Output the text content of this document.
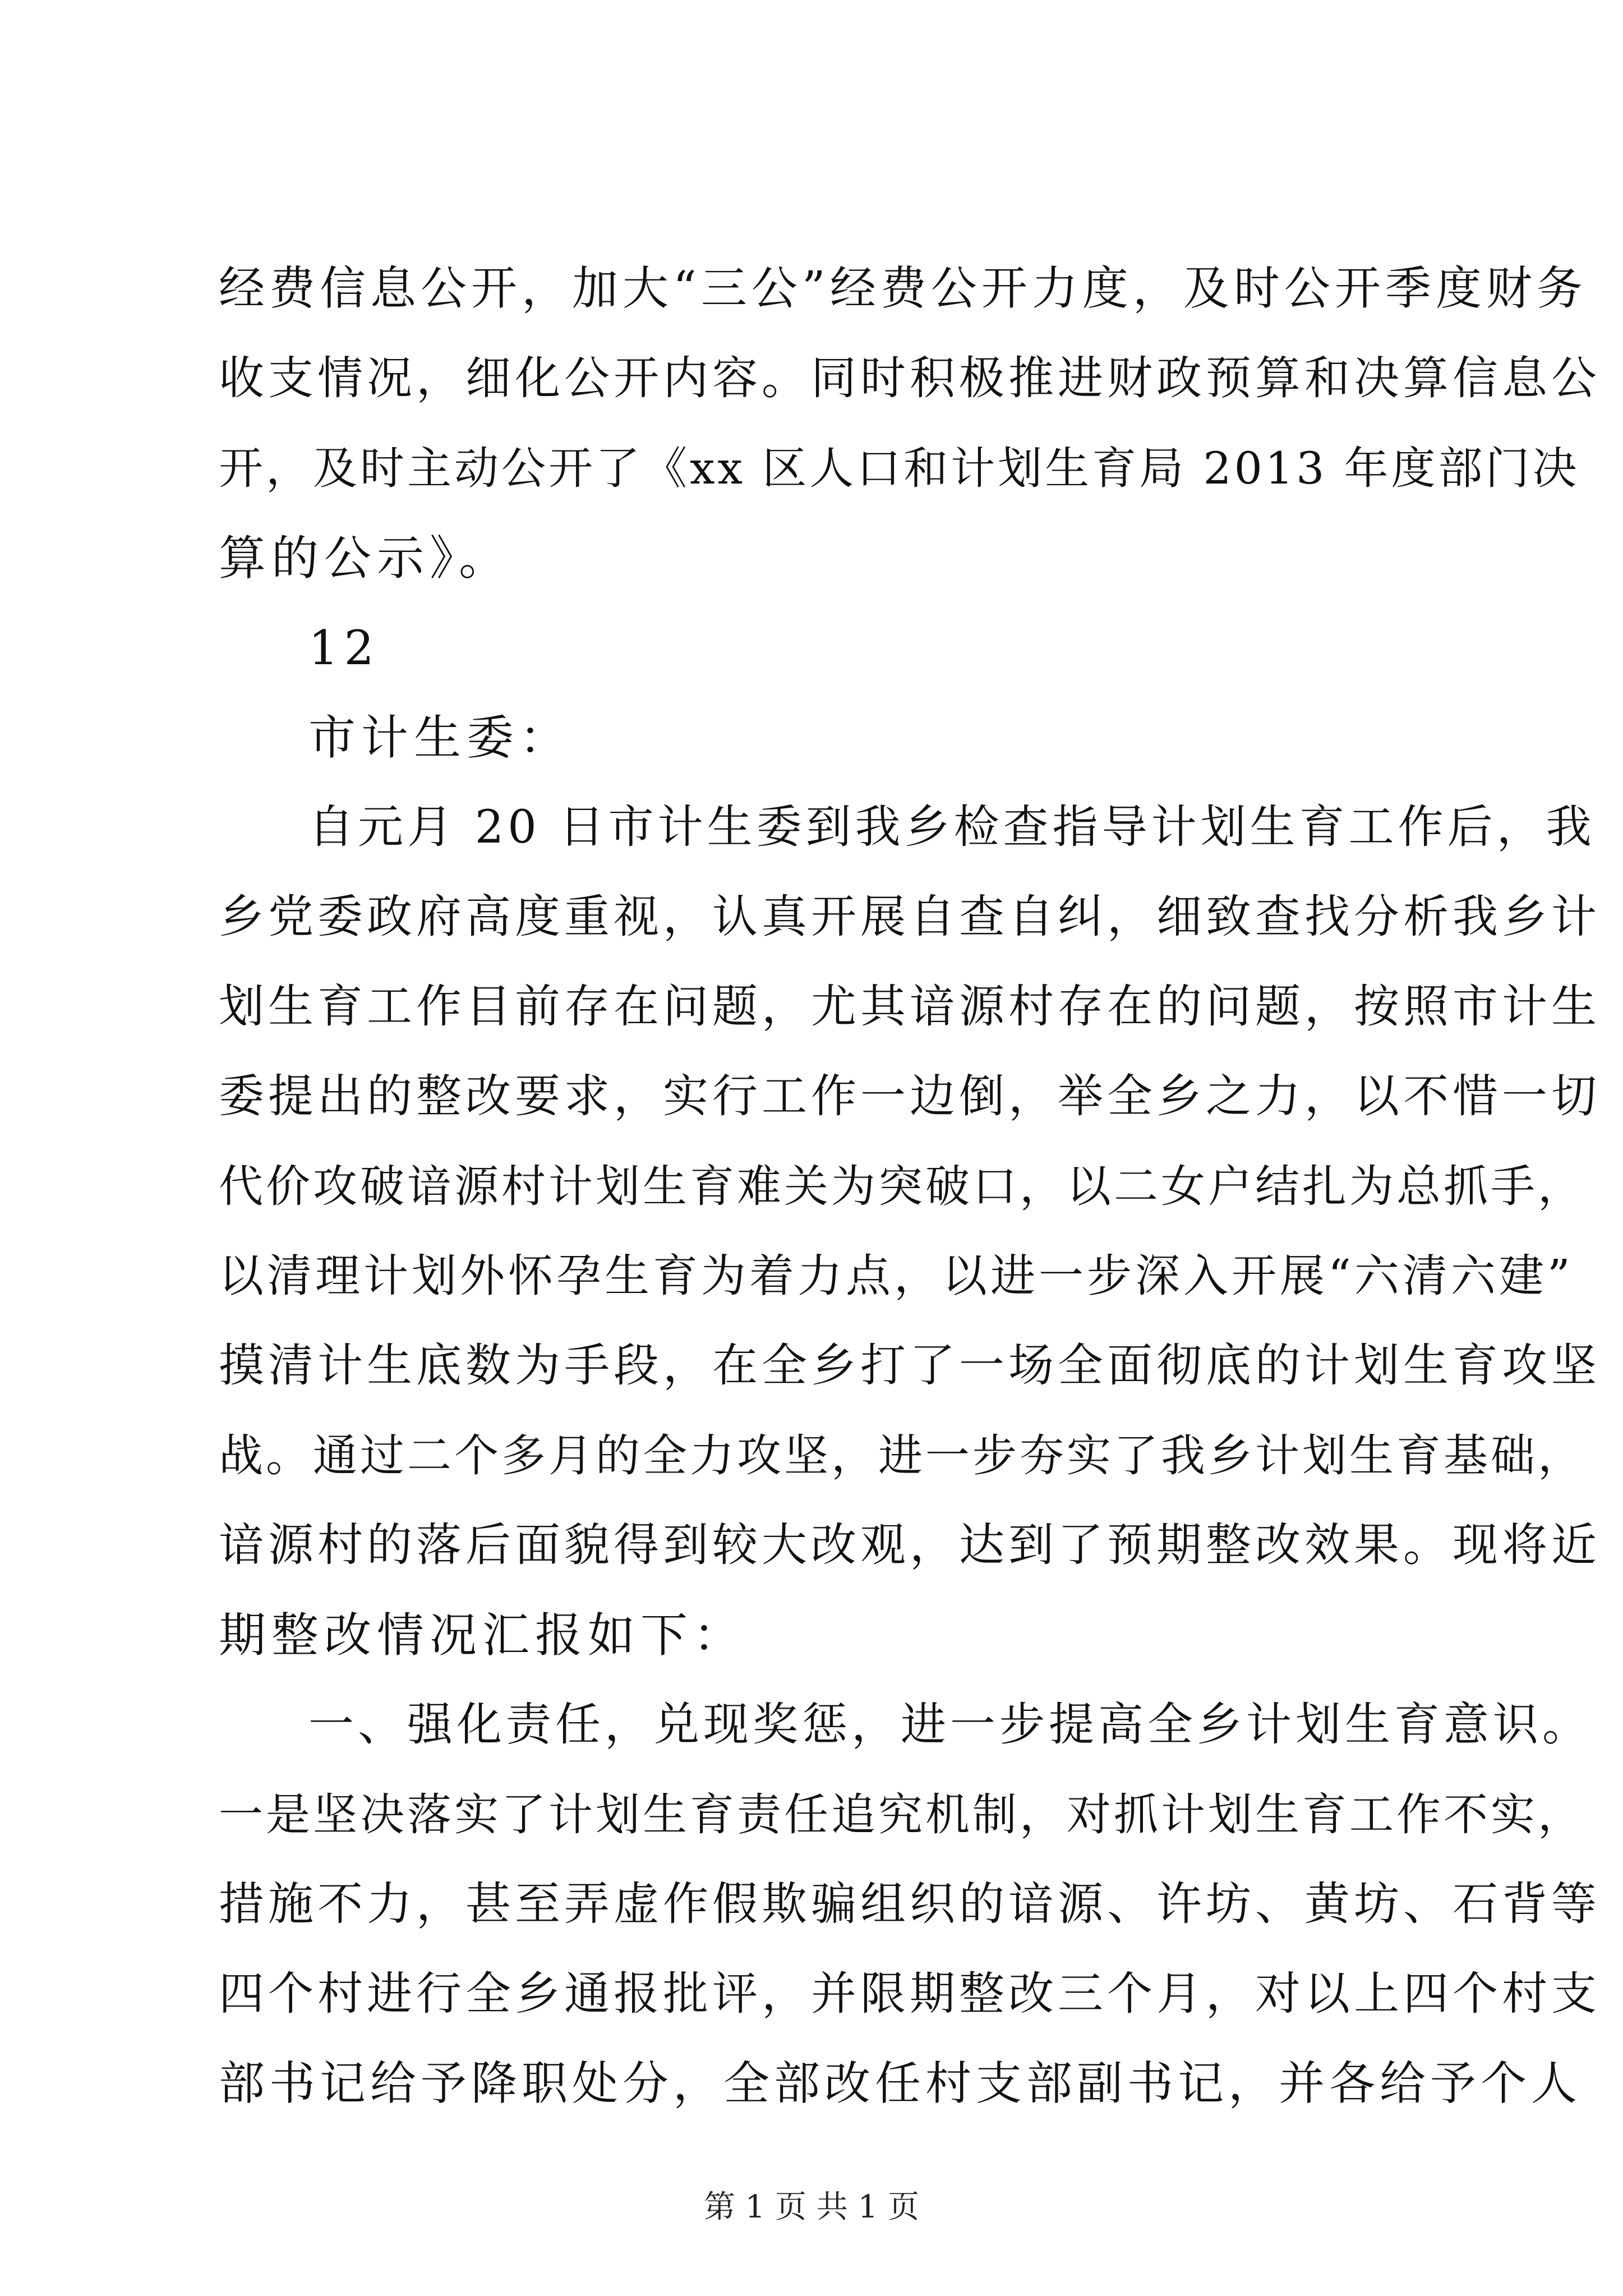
经费信息公开，加大“三公”经费公开力度，及时公开季度财务
收支情况，细化公开内容。同时积极推进财政预算和决算信息公
开，及时主动公开了《xx 区人口和计划生育局 2013 年度部门决
算的公示》。
12
市计生委：
自元月 20 日市计生委到我乡检查指导计划生育工作后，我
乡党委政府高度重视，认真开展自查自纠，细致查找分析我乡计
划生育工作目前存在问题，尤其谙源村存在的问题，按照市计生
委提出的整改要求，实行工作一边倒，举全乡之力，以不惜一切
代价攻破谙源村计划生育难关为突破口，以二女户结扎为总抓手，
以清理计划外怀孕生育为着力点，以进一步深入开展“六清六建”
摸清计生底数为手段，在全乡打了一场全面彻底的计划生育攻坚
战。通过二个多月的全力攻坚，进一步夯实了我乡计划生育基础，
谙源村的落后面貌得到较大改观，达到了预期整改效果。现将近
期整改情况汇报如下：
一、强化责任，兑现奖惩，进一步提高全乡计划生育意识。
一是坚决落实了计划生育责任追究机制，对抓计划生育工作不实，
措施不力，甚至弄虚作假欺骗组织的谙源、许坊、黄坊、石背等
四个村进行全乡通报批评，并限期整改三个月，对以上四个村支
部书记给予降职处分，全部改任村支部副书记，并各给予个人
第 1 页 共 1 页
